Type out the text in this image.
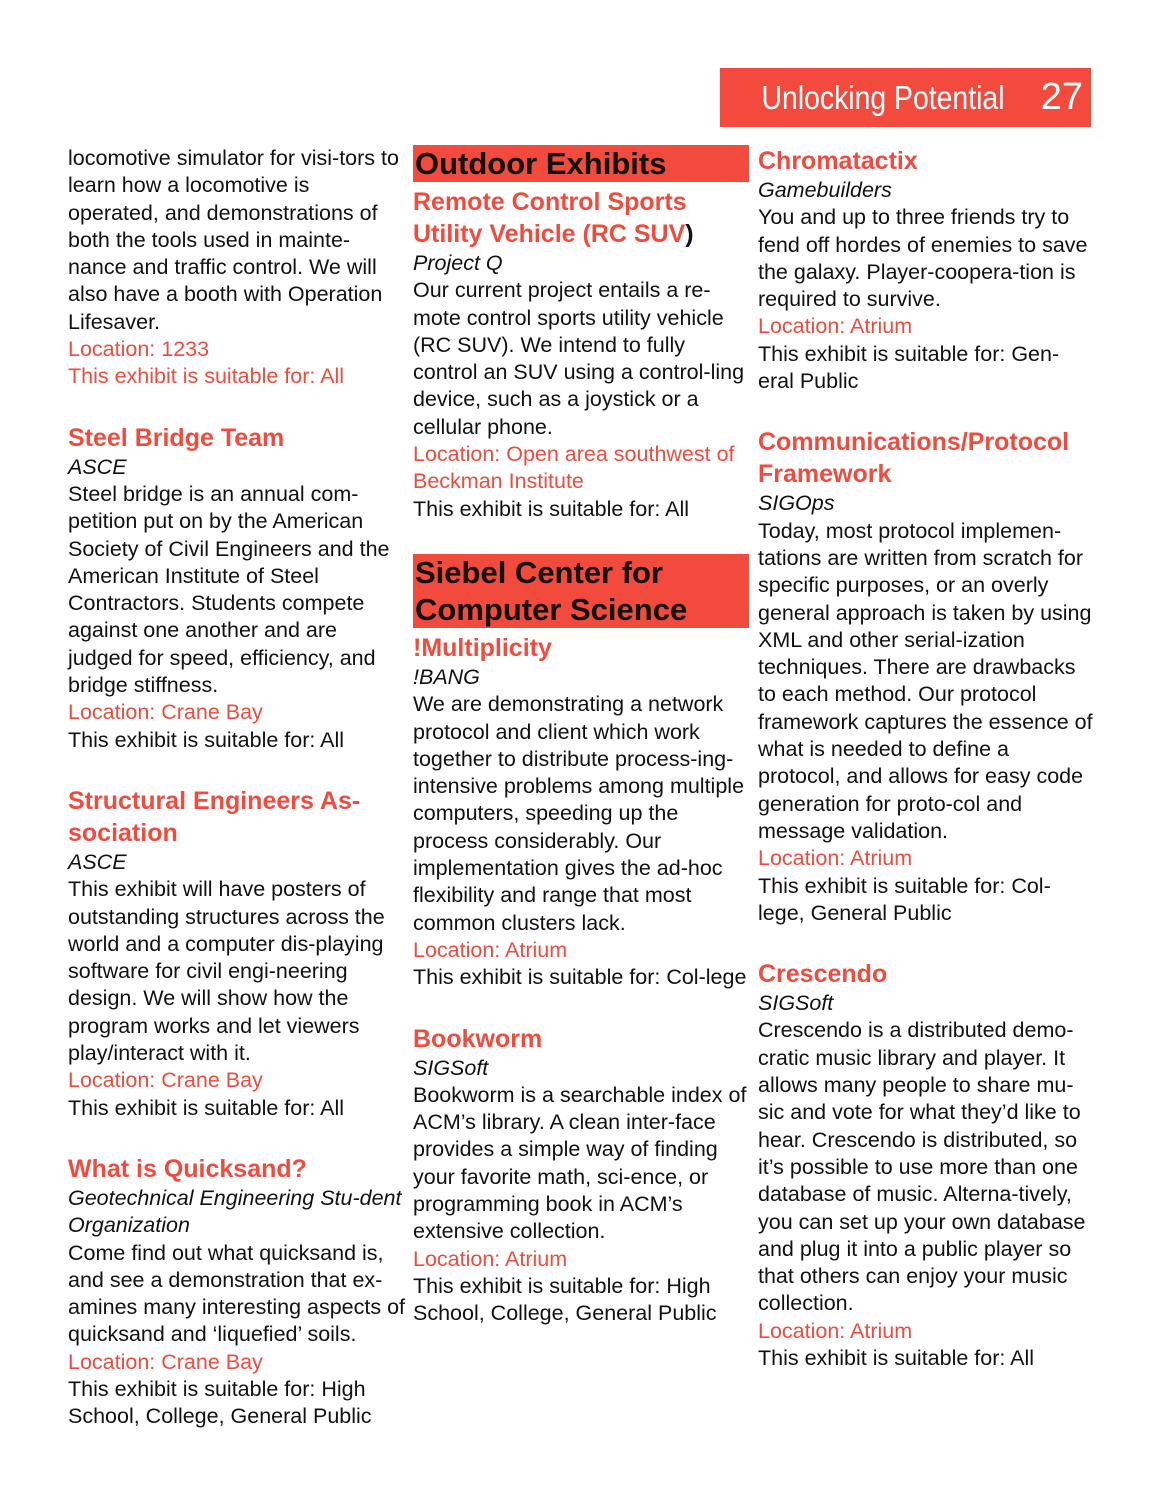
Unlocking Potential 27

locomotive simulator for visi-tors to learn how a locomotive is operated, and demonstrations of both the tools used in mainte-nance and traffic control. We will also have a booth with Operation Lifesaver.

Location: 1233

This exhibit is suitable for: All

Steel Bridge Team

ASCE

Steel bridge is an annual com-petition put on by the American Society of Civil Engineers and the American Institute of Steel Contractors. Students compete against one another and are judged for speed, efficiency, and bridge stiffness.

Location: Crane Bay

This exhibit is suitable for: All

Structural Engineers As-sociation

ASCE

This exhibit will have posters of outstanding structures across the world and a computer dis-playing software for civil engi-neering design. We will show how the program works and let viewers play/interact with it.

Location: Crane Bay

This exhibit is suitable for: All

What is Quicksand?

Geotechnical Engineering Stu-dent Organization

Come find out what quicksand is, and see a demonstration that ex-amines many interesting aspects of quicksand and ‘liquefied’ soils.

Location: Crane Bay

This exhibit is suitable for: High School, College, General Public

Outdoor Exhibits

Remote Control Sports Utility Vehicle (RC SUV)

Project Q

Our current project entails a re-mote control sports utility vehicle (RC SUV). We intend to fully control an SUV using a control-ling device, such as a joystick or a cellular phone.

Location: Open area southwest of Beckman Institute

This exhibit is suitable for: All

Siebel Center for Computer Science

!Multiplicity

!BANG

We are demonstrating a network protocol and client which work together to distribute process-ing-intensive problems among multiple computers, speeding up the process considerably. Our implementation gives the ad-hoc flexibility and range that most common clusters lack.

Location: Atrium

This exhibit is suitable for: Col-lege

Bookworm

SIGSoft

Bookworm is a searchable index of ACM’s library. A clean inter-face provides a simple way of finding your favorite math, sci-ence, or programming book in ACM’s extensive collection.

Location: Atrium

This exhibit is suitable for: High School, College, General Public

Chromatactix

Gamebuilders

You and up to three friends try to fend off hordes of enemies to save the galaxy. Player-coopera-tion is required to survive.

Location: Atrium

This exhibit is suitable for: Gen-eral Public

Communications/Protocol Framework

SIGOps

Today, most protocol implemen-tations are written from scratch for specific purposes, or an overly general approach is taken by using XML and other serial-ization techniques. There are drawbacks to each method. Our protocol framework captures the essence of what is needed to define a protocol, and allows for easy code generation for proto-col and message validation.

Location: Atrium

This exhibit is suitable for: Col-lege, General Public

Crescendo

SIGSoft

Crescendo is a distributed demo-cratic music library and player. It allows many people to share mu-sic and vote for what they’d like to hear. Crescendo is distributed, so it’s possible to use more than one database of music. Alterna-tively, you can set up your own database and plug it into a public player so that others can enjoy your music collection.

Location: Atrium

This exhibit is suitable for: All
